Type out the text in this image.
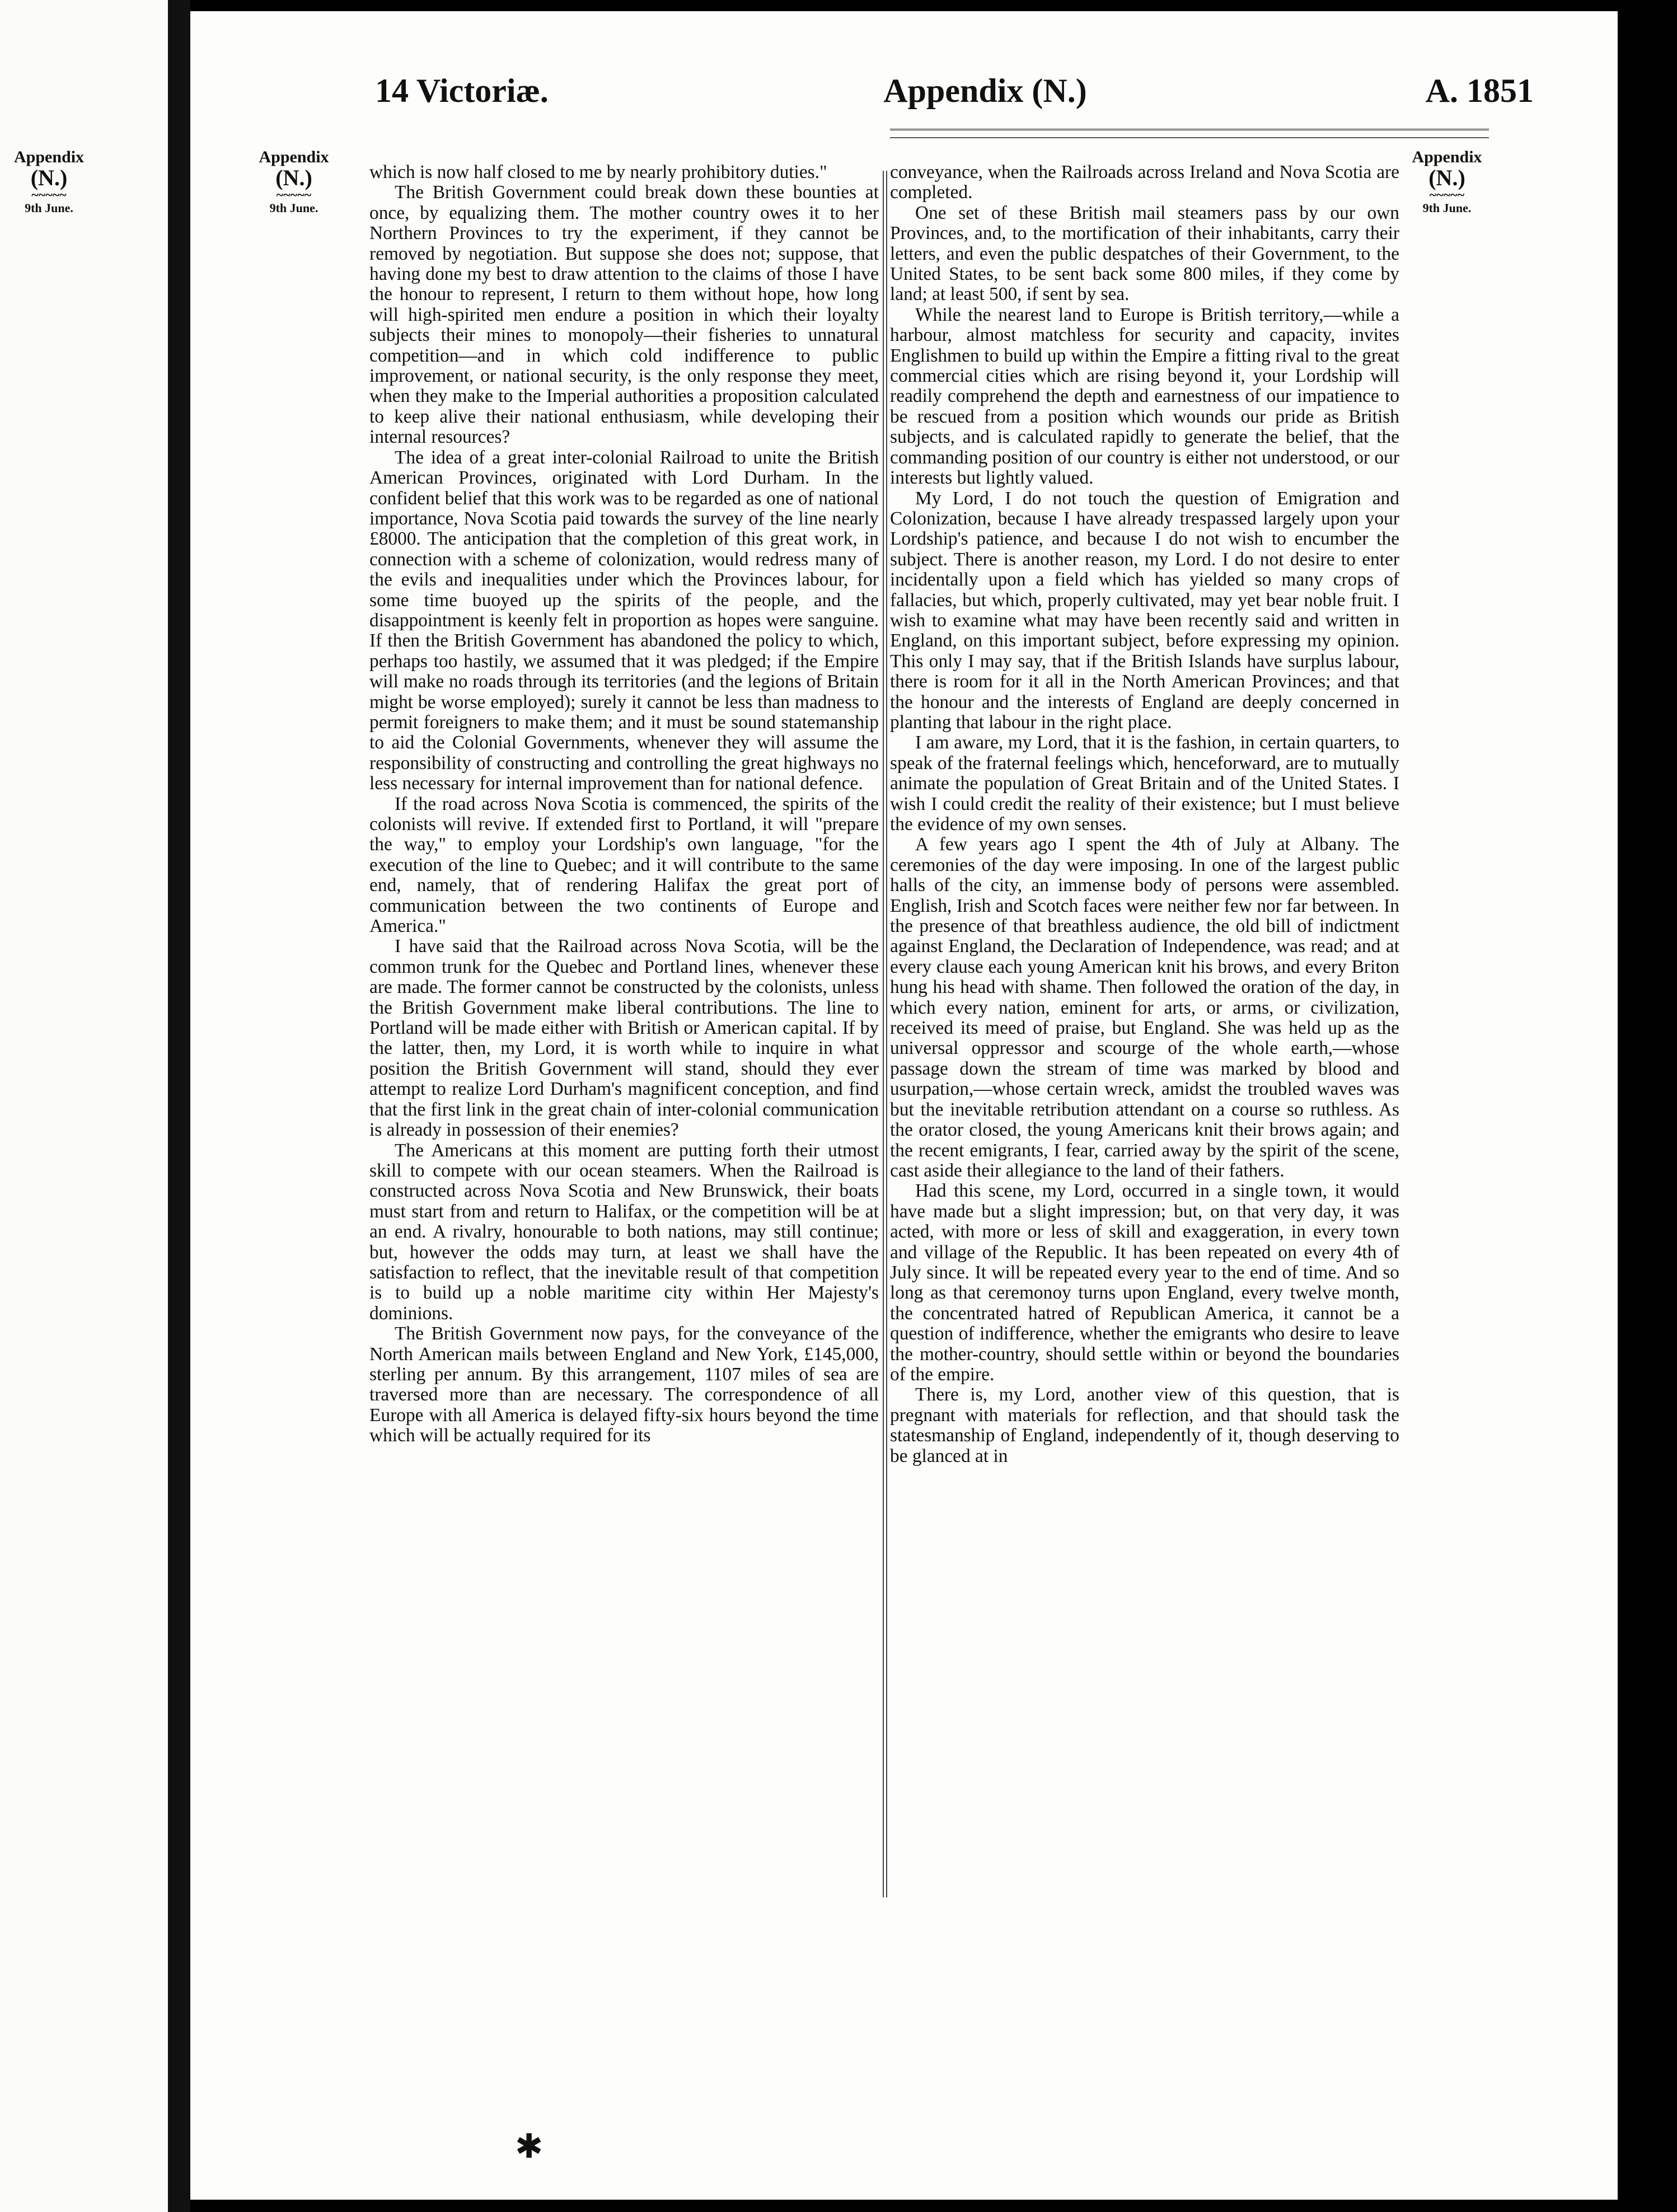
Appendix
(N.)
~~~~~
9th June.
14 Victoriæ.	Appendix (N.)	A. 1851
Appendix
(N.)
~~~~~
9th June.
Appendix
(N.)
~~~~~
9th June.

which is now half closed to me by nearly prohibitory duties."

The British Government could break down these bounties at once, by equalizing them. The mother country owes it to her Northern Provinces to try the experiment, if they cannot be removed by negotiation. But suppose she does not; suppose, that having done my best to draw attention to the claims of those I have the honour to represent, I return to them without hope, how long will high-spirited men endure a position in which their loyalty subjects their mines to monopoly—their fisheries to unnatural competition—and in which cold indifference to public improvement, or national security, is the only response they meet, when they make to the Imperial authorities a proposition calculated to keep alive their national enthusiasm, while developing their internal resources?

The idea of a great inter-colonial Railroad to unite the British American Provinces, originated with Lord Durham. In the confident belief that this work was to be regarded as one of national importance, Nova Scotia paid towards the survey of the line nearly £8000. The anticipation that the completion of this great work, in connection with a scheme of colonization, would redress many of the evils and inequalities under which the Provinces labour, for some time buoyed up the spirits of the people, and the disappointment is keenly felt in proportion as hopes were sanguine. If then the British Government has abandoned the policy to which, perhaps too hastily, we assumed that it was pledged; if the Empire will make no roads through its territories (and the legions of Britain might be worse employed); surely it cannot be less than madness to permit foreigners to make them; and it must be sound statemanship to aid the Colonial Governments, whenever they will assume the responsibility of constructing and controlling the great highways no less necessary for internal improvement than for national defence.

If the road across Nova Scotia is commenced, the spirits of the colonists will revive. If extended first to Portland, it will "prepare the way," to employ your Lordship's own language, "for the execution of the line to Quebec; and it will contribute to the same end, namely, that of rendering Halifax the great port of communication between the two continents of Europe and America."

I have said that the Railroad across Nova Scotia, will be the common trunk for the Quebec and Portland lines, whenever these are made. The former cannot be constructed by the colonists, unless the British Government make liberal contributions. The line to Portland will be made either with British or American capital. If by the latter, then, my Lord, it is worth while to inquire in what position the British Government will stand, should they ever attempt to realize Lord Durham's magnificent conception, and find that the first link in the great chain of inter-colonial communication is already in possession of their enemies?

The Americans at this moment are putting forth their utmost skill to compete with our ocean steamers. When the Railroad is constructed across Nova Scotia and New Brunswick, their boats must start from and return to Halifax, or the competition will be at an end. A rivalry, honourable to both nations, may still continue; but, however the odds may turn, at least we shall have the satisfaction to reflect, that the inevitable result of that competition is to build up a noble maritime city within Her Majesty's dominions.

The British Government now pays, for the conveyance of the North American mails between England and New York, £145,000, sterling per annum. By this arrangement, 1107 miles of sea are traversed more than are necessary. The correspondence of all Europe with all America is delayed fifty-six hours beyond the time which will be actually required for its

conveyance, when the Railroads across Ireland and Nova Scotia are completed.

One set of these British mail steamers pass by our own Provinces, and, to the mortification of their inhabitants, carry their letters, and even the public despatches of their Government, to the United States, to be sent back some 800 miles, if they come by land; at least 500, if sent by sea.

While the nearest land to Europe is British territory,—while a harbour, almost matchless for security and capacity, invites Englishmen to build up within the Empire a fitting rival to the great commercial cities which are rising beyond it, your Lordship will readily comprehend the depth and earnestness of our impatience to be rescued from a position which wounds our pride as British subjects, and is calculated rapidly to generate the belief, that the commanding position of our country is either not understood, or our interests but lightly valued.

My Lord, I do not touch the question of Emigration and Colonization, because I have already trespassed largely upon your Lordship's patience, and because I do not wish to encumber the subject. There is another reason, my Lord. I do not desire to enter incidentally upon a field which has yielded so many crops of fallacies, but which, properly cultivated, may yet bear noble fruit. I wish to examine what may have been recently said and written in England, on this important subject, before expressing my opinion. This only I may say, that if the British Islands have surplus labour, there is room for it all in the North American Provinces; and that the honour and the interests of England are deeply concerned in planting that labour in the right place.

I am aware, my Lord, that it is the fashion, in certain quarters, to speak of the fraternal feelings which, henceforward, are to mutually animate the population of Great Britain and of the United States. I wish I could credit the reality of their existence; but I must believe the evidence of my own senses.

A few years ago I spent the 4th of July at Albany. The ceremonies of the day were imposing. In one of the largest public halls of the city, an immense body of persons were assembled. English, Irish and Scotch faces were neither few nor far between. In the presence of that breathless audience, the old bill of indictment against England, the Declaration of Independence, was read; and at every clause each young American knit his brows, and every Briton hung his head with shame. Then followed the oration of the day, in which every nation, eminent for arts, or arms, or civilization, received its meed of praise, but England. She was held up as the universal oppressor and scourge of the whole earth,—whose passage down the stream of time was marked by blood and usurpation,—whose certain wreck, amidst the troubled waves was but the inevitable retribution attendant on a course so ruthless. As the orator closed, the young Americans knit their brows again; and the recent emigrants, I fear, carried away by the spirit of the scene, cast aside their allegiance to the land of their fathers.

Had this scene, my Lord, occurred in a single town, it would have made but a slight impression; but, on that very day, it was acted, with more or less of skill and exaggeration, in every town and village of the Republic. It has been repeated on every 4th of July since. It will be repeated every year to the end of time. And so long as that ceremonoy turns upon England, every twelve month, the concentrated hatred of Republican America, it cannot be a question of indifference, whether the emigrants who desire to leave the mother-country, should settle within or beyond the boundaries of the empire.

There is, my Lord, another view of this question, that is pregnant with materials for reflection, and that should task the statesmanship of England, independently of it, though deserving to be glanced at in

✱
